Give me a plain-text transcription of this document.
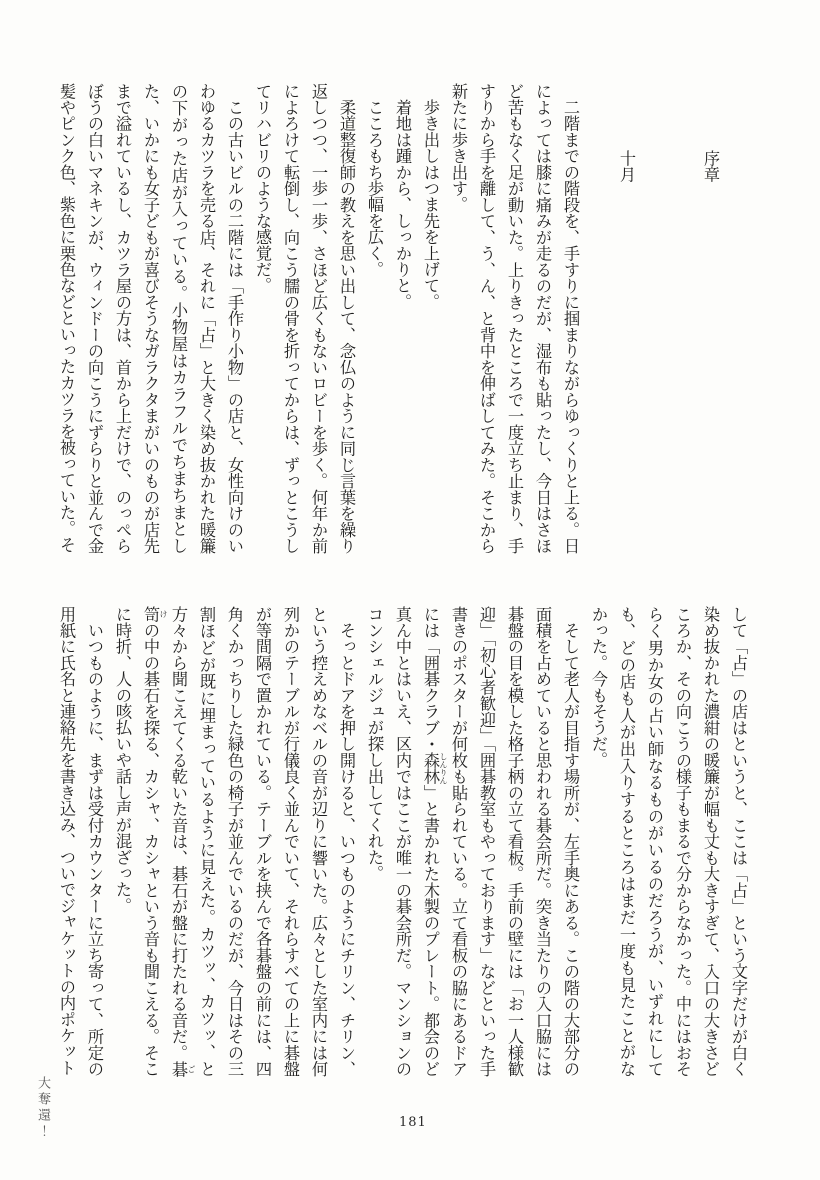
序章
十月

　二階までの階段を、手すりに掴まりながらゆっくりと上る。日によっては膝に痛みが走るのだが、湿布も貼ったし、今日はさほど苦もなく足が動いた。上りきったところで一度立ち止まり、手すりから手を離して、う、ん、と背中を伸ばしてみた。そこから新たに歩き出す。

　歩き出しはつま先を上げて。

　着地は踵から、しっかりと。

　こころもち歩幅を広く。

　柔道整復師の教えを思い出して、念仏のように同じ言葉を繰り返しつつ、一歩一歩、さほど広くもないロビーを歩く。何年か前によろけて転倒し、向こう臑の骨を折ってからは、ずっとこうしてリハビリのような感覚だ。

　この古いビルの二階には「手作り小物」の店と、女性向けのいわゆるカツラを売る店、それに「占」と大きく染め抜かれた暖簾の下がった店が入っている。小物屋はカラフルでちまちまとした、いかにも女子どもが喜びそうなガラクタまがいのものが店先まで溢れているし、カツラ屋の方は、首から上だけで、のっぺらぼうの白いマネキンが、ウィンドーの向こうにずらりと並んで金髪やピンク色、紫色に栗色などといったカツラを被っていた。そ

して「占」の店はというと、ここは「占」という文字だけが白く染め抜かれた濃紺の暖簾が幅も丈も大きすぎて、入口の大きさどころか、その向こうの様子もまるで分からなかった。中にはおそらく男か女の占い師なるものがいるのだろうが、いずれにしても、どの店も人が出入りするところはまだ一度も見たことがなかった。今もそうだ。

　そして老人が目指す場所が、左手奥にある。この階の大部分の面積を占めていると思われる碁会所だ。突き当たりの入口脇には碁盤の目を模した格子柄の立て看板。手前の壁には「お一人様歓迎」「初心者歓迎」「囲碁教室もやっております」などといった手書きのポスターが何枚も貼られている。立て看板の脇にあるドアには「囲碁クラブ・森林 しんりん」と書かれた木製のプレート。都会のど真ん中とはいえ、区内ではここが唯一の碁会所だ。マンションのコンシェルジュが探し出してくれた。

　そっとドアを押し開けると、いつものようにチリン、チリン、という控えめなベルの音が辺りに響いた。広々とした室内には何列かのテーブルが行儀良く並んでいて、それらすべての上に碁盤が等間隔で置かれている。テーブルを挟んで各碁盤の前には、四角くかっちりした緑色の椅子が並んでいるのだが、今日はその三割ほどが既に埋まっているように見えた。カツッ、カツッ、と方々から聞こえてくる乾いた音は、碁石が盤に打たれる音だ。碁 ご笥 けの中の碁石を探る、カシャ、カシャという音も聞こえる。そこに時折、人の咳払いや話し声が混ざった。

　いつものように、まずは受付カウンターに立ち寄って、所定の用紙に氏名と連絡先を書き込み、ついでジャケットの内ポケット

大奪還！	181
